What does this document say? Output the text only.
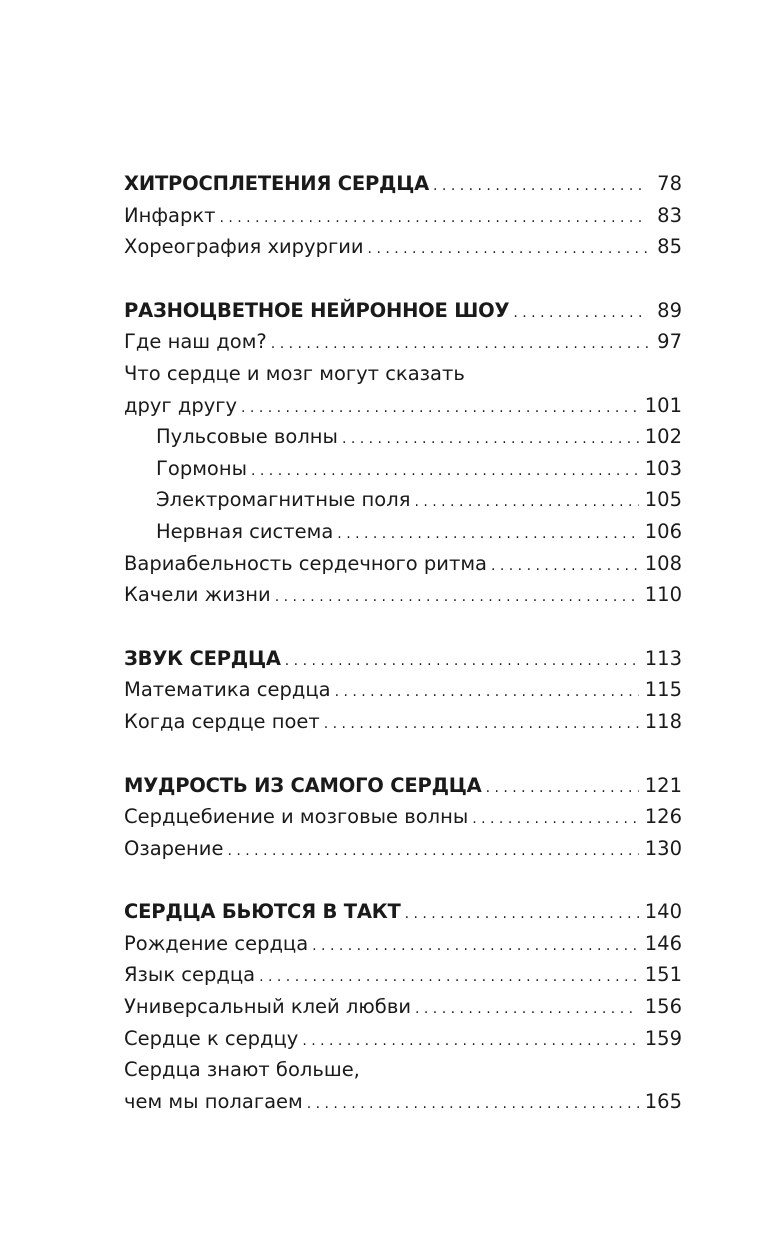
ХИТРОСПЛЕТЕНИЯ СЕРДЦА . . .	78
Инфаркт . . .	83
Хореография хирургии . . .	85
РАЗНОЦВЕТНОЕ НЕЙРОННОЕ ШОУ . . .	89
Где наш дом? . . .	97
Что сердце и мозг могут сказать
друг другу . . .	101
Пульсовые волны . . .	102
Гормоны . . .	103
Электромагнитные поля . . .	105
Нервная система . . .	106
Вариабельность сердечного ритма . . .	108
Качели жизни . . .	110
ЗВУК СЕРДЦА . . .	113
Математика сердца . . .	115
Когда сердце поет . . .	118
МУДРОСТЬ ИЗ САМОГО СЕРДЦА . . .	121
Сердцебиение и мозговые волны . . .	126
Озарение . . .	130
СЕРДЦА БЬЮТСЯ В ТАКТ . . .	140
Рождение сердца . . .	146
Язык сердца . . .	151
Универсальный клей любви . . .	156
Сердце к сердцу . . .	159
Сердца знают больше,
чем мы полагаем . . .	165
